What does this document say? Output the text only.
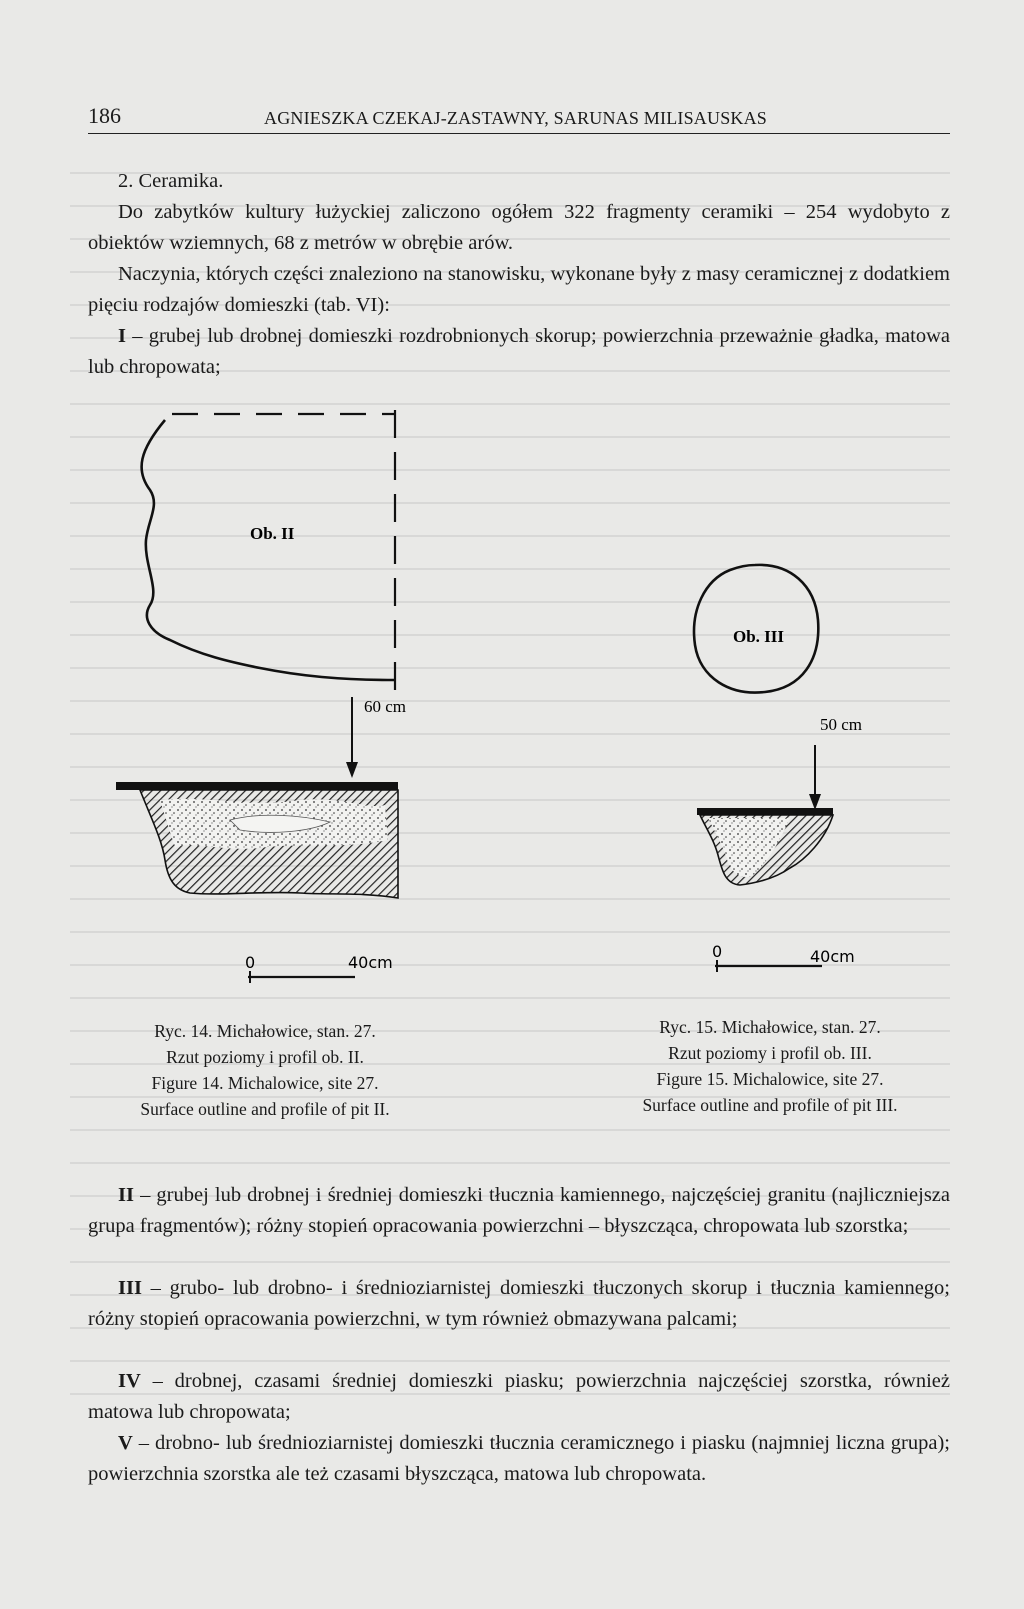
186	AGNIESZKA CZEKAJ-ZASTAWNY, SARUNAS MILISAUSKAS

2. Ceramika.

Do zabytków kultury łużyckiej zaliczono ogółem 322 fragmenty ceramiki – 254 wydobyto z obiektów wziemnych, 68 z metrów w obrębie arów.

Naczynia, których części znaleziono na stanowisku, wykonane były z masy ceramicznej z dodatkiem pięciu rodzajów domieszki (tab. VI):

I – grubej lub drobnej domieszki rozdrobnionych skorup; powierzchnia przeważnie gładka, matowa lub chropowata;

Ob. II
60 cm
0	40cm
Ob. III
50 cm
0	40cm
Ryc. 14. Michałowice, stan. 27.
Rzut poziomy i profil ob. II.
Figure 14. Michalowice, site 27.
Surface outline and profile of pit II.
Ryc. 15. Michałowice, stan. 27.
Rzut poziomy i profil ob. III.
Figure 15. Michalowice, site 27.
Surface outline and profile of pit III.

II – grubej lub drobnej i średniej domieszki tłucznia kamiennego, najczęściej granitu (najliczniejsza grupa fragmentów); różny stopień opracowania powierzchni – błyszcząca, chropowata lub szorstka;

III – grubo- lub drobno- i średnioziarnistej domieszki tłuczonych skorup i tłucznia kamiennego; różny stopień opracowania powierzchni, w tym również obmazywana palcami;

IV – drobnej, czasami średniej domieszki piasku; powierzchnia najczęściej szorstka, również matowa lub chropowata;

V – drobno- lub średnioziarnistej domieszki tłucznia ceramicznego i piasku (najmniej liczna grupa); powierzchnia szorstka ale też czasami błyszcząca, matowa lub chropowata.
